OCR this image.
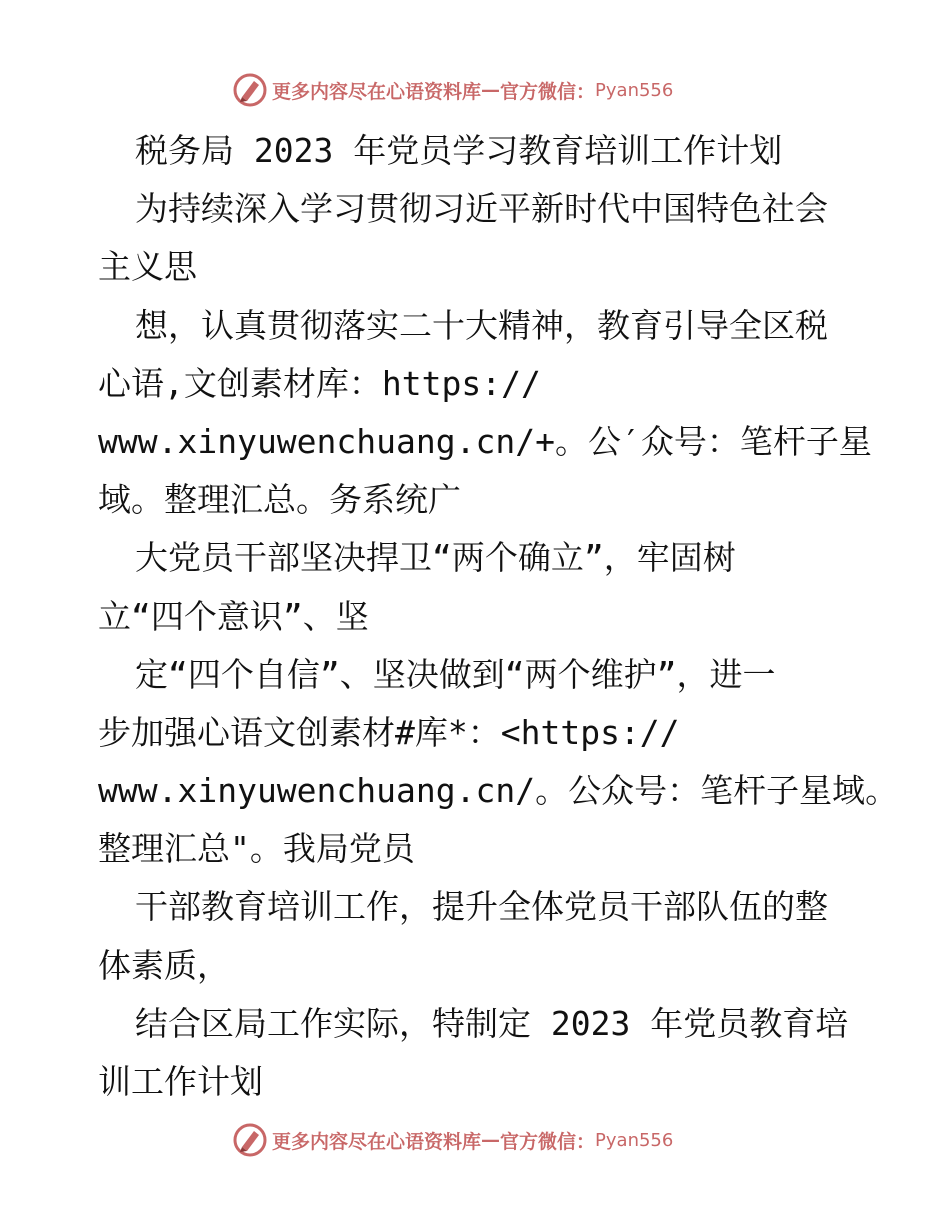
更多内容尽在心语资料库 — 官方微信： Pyan556
税务局 2023 年党员学习教育培训工作计划
为持续深入学习贯彻习近平新时代中国特色社会
主义思
想，认真贯彻落实二十大精神，教育引导全区税
心语,文创素材库：https://
www.xinyuwenchuang.cn/+。公′众号：笔杆子星
域。整理汇总。务系统广
大党员干部坚决捍卫“两个确立”，牢固树
立“四个意识”、坚
定“四个自信”、坚决做到“两个维护”，进一
步加强心语文创素材#库*：<https://
www.xinyuwenchuang.cn/。公众号：笔杆子星域。
整理汇总"。我局党员
干部教育培训工作，提升全体党员干部队伍的整
体素质，
结合区局工作实际，特制定 2023 年党员教育培
训工作计划
更多内容尽在心语资料库 — 官方微信： Pyan556
